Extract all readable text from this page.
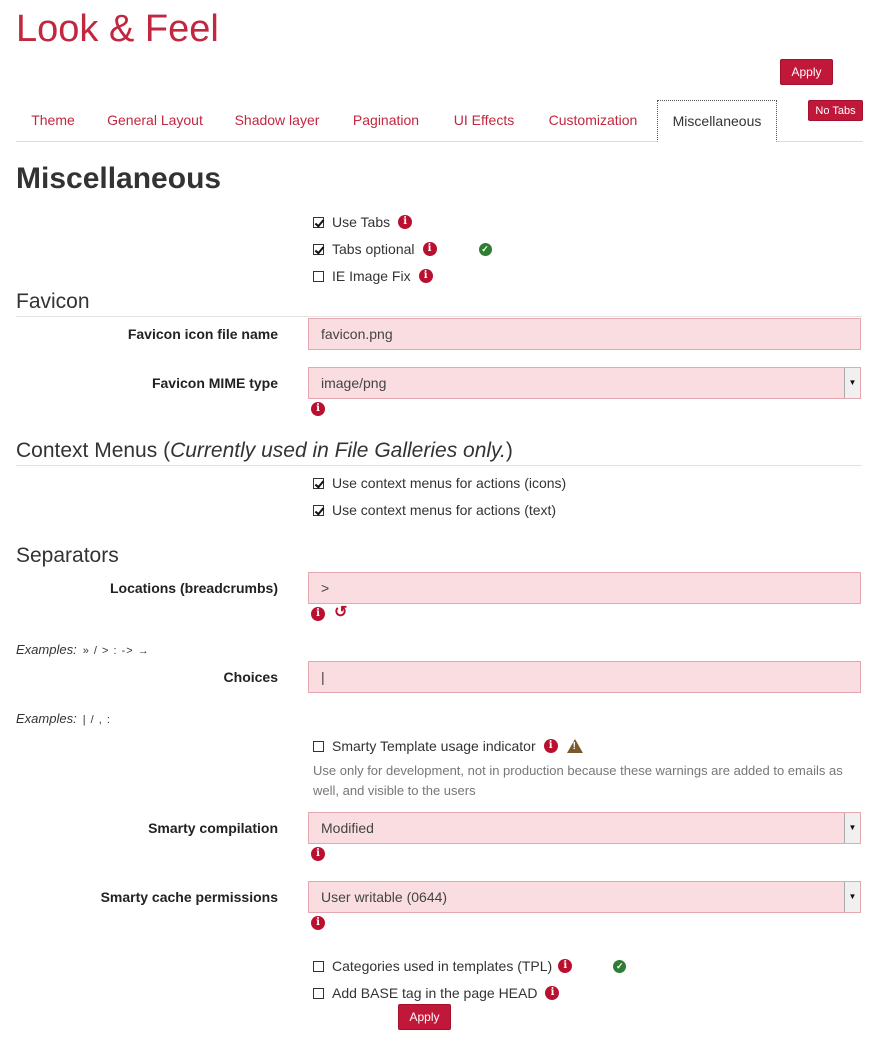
Look & Feel
Apply
No Tabs
Theme	General Layout	Shadow layer	Pagination	UI Effects	Customization	Miscellaneous
Miscellaneous
Use Tabs	i
Tabs optional	i	✓
IE Image Fix	i
Favicon
Favicon icon file name	favicon.png
Favicon MIME type	image/png	▼
i
Context Menus (Currently used in File Galleries only.)
Use context menus for actions (icons)
Use context menus for actions (text)
Separators
Locations (breadcrumbs)	>
i ↺
Examples: » / > : -> →
Choices	|
Examples: | / , :
Smarty Template usage indicator	i	!
Use only for development, not in production because these warnings are added to emails as well, and visible to the users
Smarty compilation	Modified	▼
i
Smarty cache permissions	User writable (0644)	▼
i
Categories used in templates (TPL)	i	✓
Add BASE tag in the page HEAD	i
Apply
